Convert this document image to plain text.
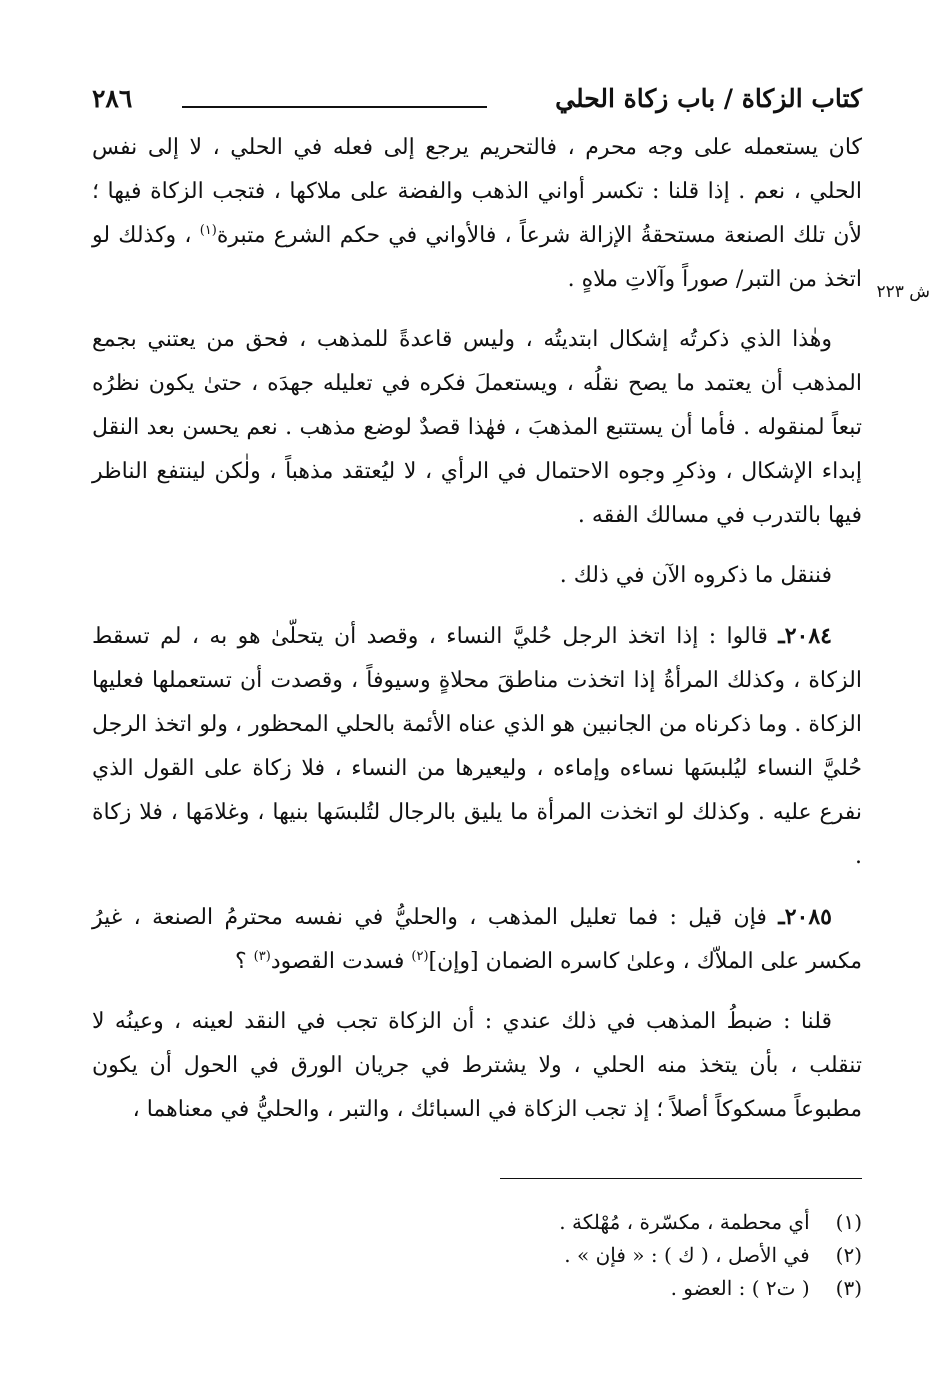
كتاب الزكاة / باب زكاة الحلي
٢٨٦
ش ٢٢٣

كان يستعمله على وجه محرم ، فالتحريم يرجع إلى فعله في الحلي ، لا إلى نفس الحلي ، نعم . إذا قلنا : تكسر أواني الذهب والفضة على ملاكها ، فتجب الزكاة فيها ؛ لأن تلك الصنعة مستحقةُ الإزالة شرعاً ، فالأواني في حكم الشرع متبرة$^{(١)}$ ، وكذلك لو اتخذ من التبر/ صوراً وآلاتِ ملاهٍ .

وهٰذا الذي ذكرتُه إشكال ابتديتُه ، وليس قاعدةً للمذهب ، فحق من يعتني بجمع المذهب أن يعتمد ما يصح نقلُه ، ويستعملَ فكره في تعليله جهدَه ، حتىٰ يكون نظرُه تبعاً لمنقوله . فأما أن يستتبع المذهبَ ، فهٰذا قصدٌ لوضع مذهب . نعم يحسن بعد النقل إبداء الإشكال ، وذكرِ وجوه الاحتمال في الرأي ، لا ليُعتقد مذهباً ، ولٰكن لينتفع الناظر فيها بالتدرب في مسالك الفقه .

فننقل ما ذكروه الآن في ذلك .

٢٠٨٤ـ قالوا : إذا اتخذ الرجل حُليَّ النساء ، وقصد أن يتحلّىٰ هو به ، لم تسقط الزكاة ، وكذلك المرأةُ إذا اتخذت مناطقَ محلاةٍ وسيوفاً ، وقصدت أن تستعملها فعليها الزكاة . وما ذكرناه من الجانبين هو الذي عناه الأئمة بالحلي المحظور ، ولو اتخذ الرجل حُليَّ النساء ليُلبسَها نساءه وإماءه ، وليعيرها من النساء ، فلا زكاة على القول الذي نفرع عليه . وكذلك لو اتخذت المرأة ما يليق بالرجال لتُلبسَها بنيها ، وغلامَها ، فلا زكاة .

٢٠٨٥ـ فإن قيل : فما تعليل المذهب ، والحليُّ في نفسه محترمُ الصنعة ، غيرُ مكسر على الملاّك ، وعلىٰ كاسره الضمان [وإن]$^{(٢)}$ فسدت القصود$^{(٣)}$ ؟

قلنا : ضبطُ المذهب في ذلك عندي : أن الزكاة تجب في النقد لعينه ، وعينُه لا تنقلب ، بأن يتخذ منه الحلي ، ولا يشترط في جريان الورق في الحول أن يكون مطبوعاً مسكوكاً أصلاً ؛ إذ تجب الزكاة في السبائك ، والتبر ، والحليُّ في معناهما ،

(١) أي محطمة ، مكسّرة ، مُهْلكة .
(٢) في الأصل ، ( ك ) : « فإن » .
(٣) ( ت٢ ) : العضو .
